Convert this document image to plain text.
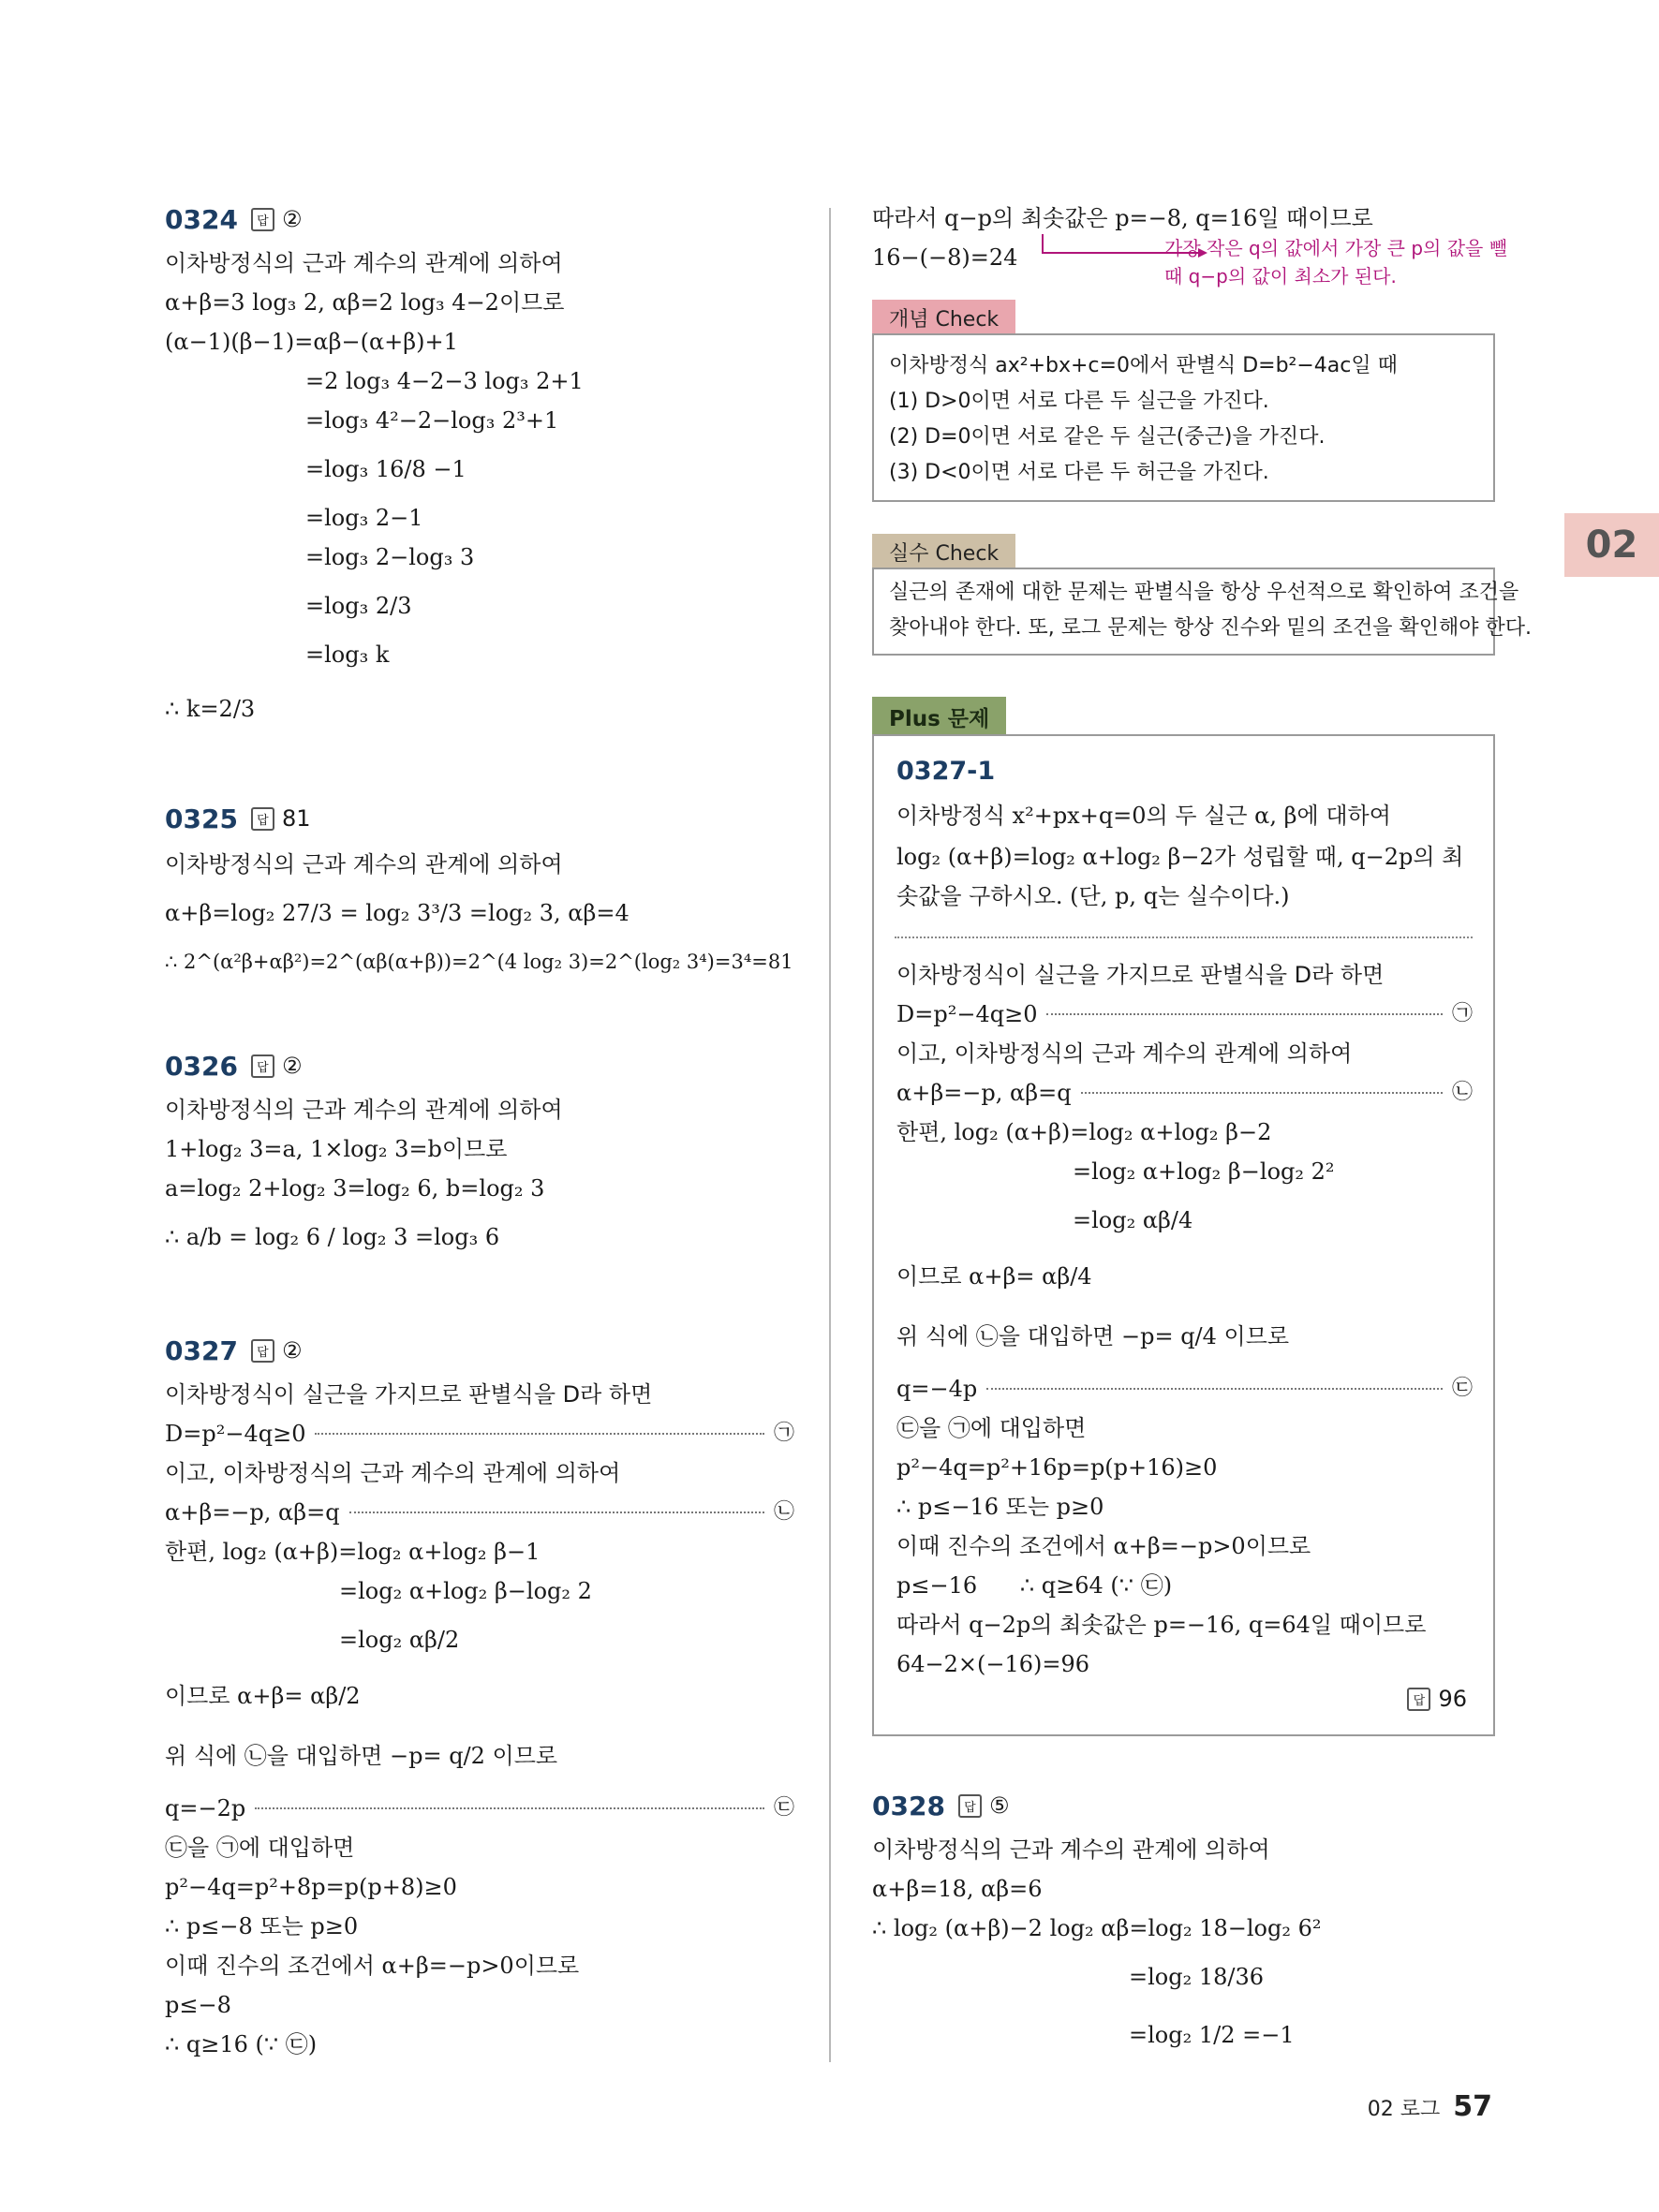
0324	답 ②
이차방정식의 근과 계수의 관계에 의하여
α+β=3 log₃ 2, αβ=2 log₃ 4−2이므로
(α−1)(β−1)=αβ−(α+β)+1
=2 log₃ 4−2−3 log₃ 2+1
=log₃ 4²−2−log₃ 2³+1
=log₃ 16/8 −1
=log₃ 2−1
=log₃ 2−log₃ 3
=log₃ 2/3
=log₃ k
∴ k=2/3
0325	답 81
이차방정식의 근과 계수의 관계에 의하여
α+β=log₂ 27/3 = log₂ 3³/3 =log₂ 3, αβ=4
∴ 2^(α²β+αβ²)=2^(αβ(α+β))=2^(4 log₂ 3)=2^(log₂ 3⁴)=3⁴=81
0326	답 ②
이차방정식의 근과 계수의 관계에 의하여
1+log₂ 3=a, 1×log₂ 3=b이므로
a=log₂ 2+log₂ 3=log₂ 6, b=log₂ 3
∴ a/b = log₂ 6 / log₂ 3 =log₃ 6
0327	답 ②
이차방정식이 실근을 가지므로 판별식을 D라 하면
D=p²−4q≥0	㉠
이고, 이차방정식의 근과 계수의 관계에 의하여
α+β=−p, αβ=q	㉡
한편, log₂ (α+β)=log₂ α+log₂ β−1
=log₂ α+log₂ β−log₂ 2
=log₂ αβ/2
이므로 α+β= αβ/2
위 식에 ㉡을 대입하면 −p= q/2 이므로
q=−2p	㉢
㉢을 ㉠에 대입하면
p²−4q=p²+8p=p(p+8)≥0
∴ p≤−8 또는 p≥0
이때 진수의 조건에서 α+β=−p>0이므로
p≤−8
∴ q≥16 (∵ ㉢)
따라서 q−p의 최솟값은 p=−8, q=16일 때이므로
16−(−8)=24	가장 작은 q의 값에서 가장 큰 p의 값을 뺄
때 q−p의 값이 최소가 된다.
개념 Check
이차방정식 ax²+bx+c=0에서 판별식 D=b²−4ac일 때
(1) D>0이면 서로 다른 두 실근을 가진다.
(2) D=0이면 서로 같은 두 실근(중근)을 가진다.
(3) D<0이면 서로 다른 두 허근을 가진다.
실수 Check
실근의 존재에 대한 문제는 판별식을 항상 우선적으로 확인하여 조건을
찾아내야 한다. 또, 로그 문제는 항상 진수와 밑의 조건을 확인해야 한다.
Plus 문제
0327-1
이차방정식 x²+px+q=0의 두 실근 α, β에 대하여
log₂ (α+β)=log₂ α+log₂ β−2가 성립할 때, q−2p의 최
솟값을 구하시오. (단, p, q는 실수이다.)
이차방정식이 실근을 가지므로 판별식을 D라 하면
D=p²−4q≥0	㉠
이고, 이차방정식의 근과 계수의 관계에 의하여
α+β=−p, αβ=q	㉡
한편, log₂ (α+β)=log₂ α+log₂ β−2
=log₂ α+log₂ β−log₂ 2²
=log₂ αβ/4
이므로 α+β= αβ/4
위 식에 ㉡을 대입하면 −p= q/4 이므로
q=−4p	㉢
㉢을 ㉠에 대입하면
p²−4q=p²+16p=p(p+16)≥0
∴ p≤−16 또는 p≥0
이때 진수의 조건에서 α+β=−p>0이므로
p≤−16      ∴ q≥64 (∵ ㉢)
따라서 q−2p의 최솟값은 p=−16, q=64일 때이므로
64−2×(−16)=96
답 96
0328	답 ⑤
이차방정식의 근과 계수의 관계에 의하여
α+β=18, αβ=6
∴ log₂ (α+β)−2 log₂ αβ=log₂ 18−log₂ 6²
=log₂ 18/36
=log₂ 1/2 =−1
02
02 로그 57
